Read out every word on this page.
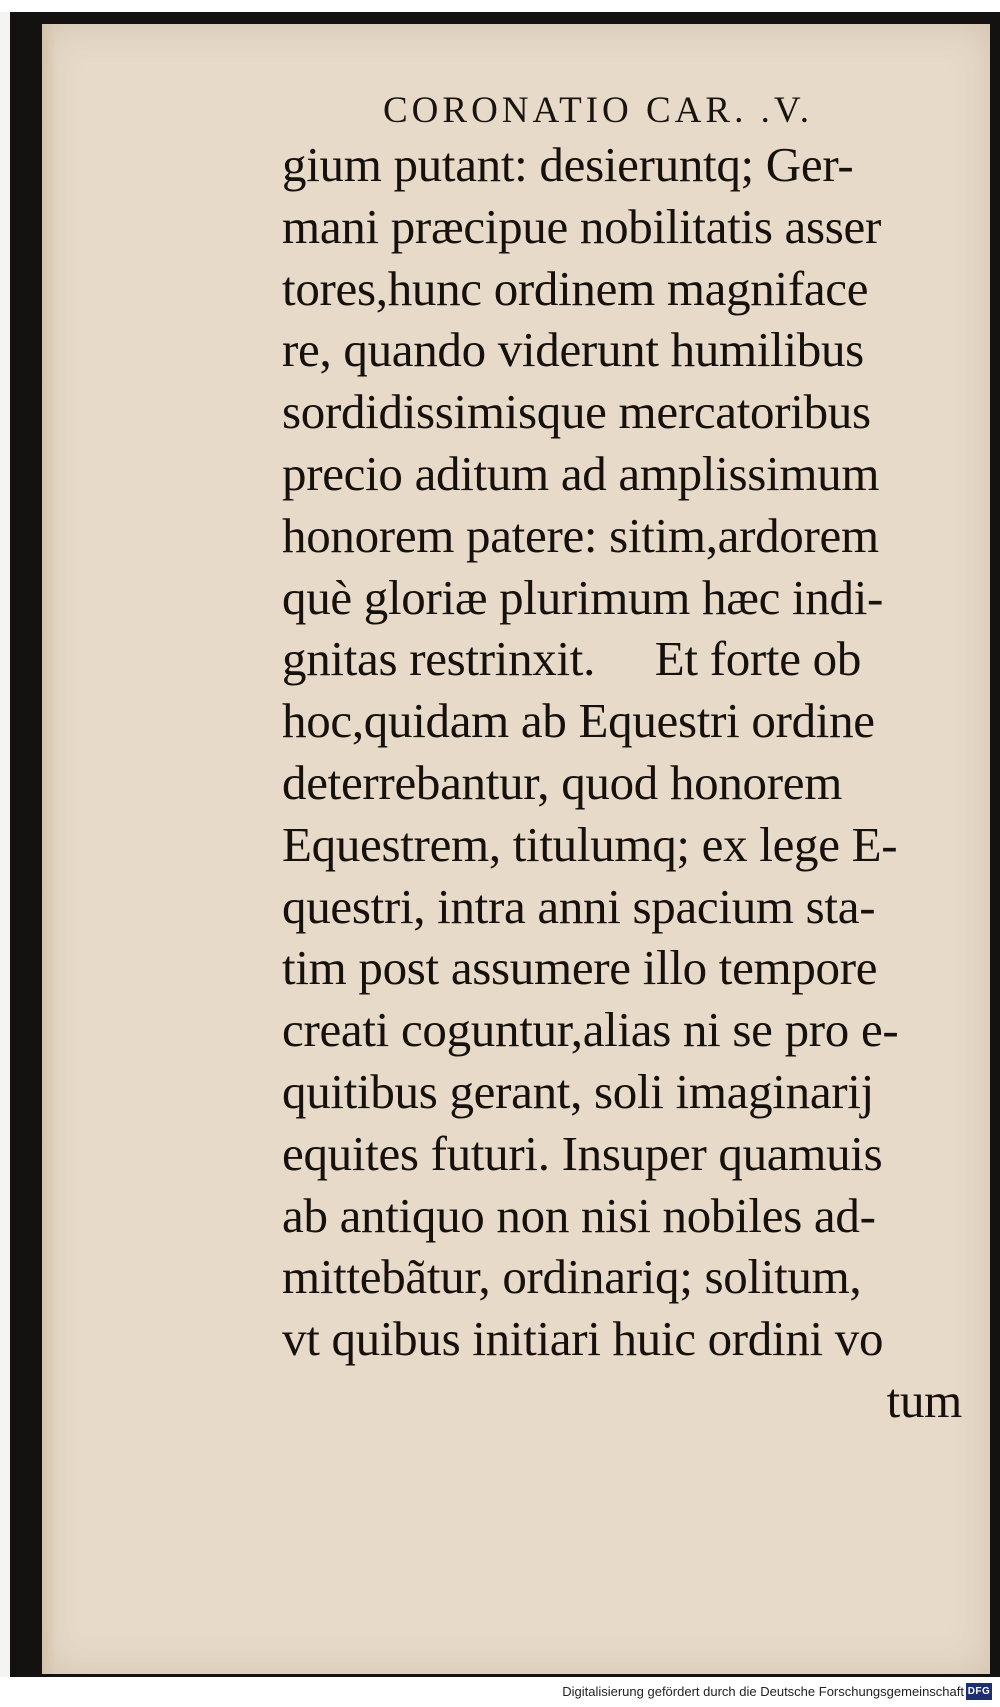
CORONATIO CAR. .V.

gium putant: desieruntq; Ger-
mani præcipue nobilitatis asser
tores,hunc ordinem magniface
re, quando viderunt humilibus
sordidissimisque mercatoribus
precio aditum ad amplissimum
honorem patere: sitim,ardorem
què gloriæ plurimum hæc indi-
gnitas restrinxit.     Et forte ob
hoc,quidam ab Equestri ordine
deterrebantur, quod honorem
Equestrem, titulumq; ex lege E-
questri, intra anni spacium sta-
tim post assumere illo tempore
creati coguntur,alias ni se pro e-
quitibus gerant, soli imaginarij
equites futuri. Insuper quamuis
ab antiquo non nisi nobiles ad-
mittebãtur, ordinariq; solitum,
vt quibus initiari huic ordini vo
tum
Digitalisierung gefördert durch die Deutsche Forschungsgemeinschaft DFG
